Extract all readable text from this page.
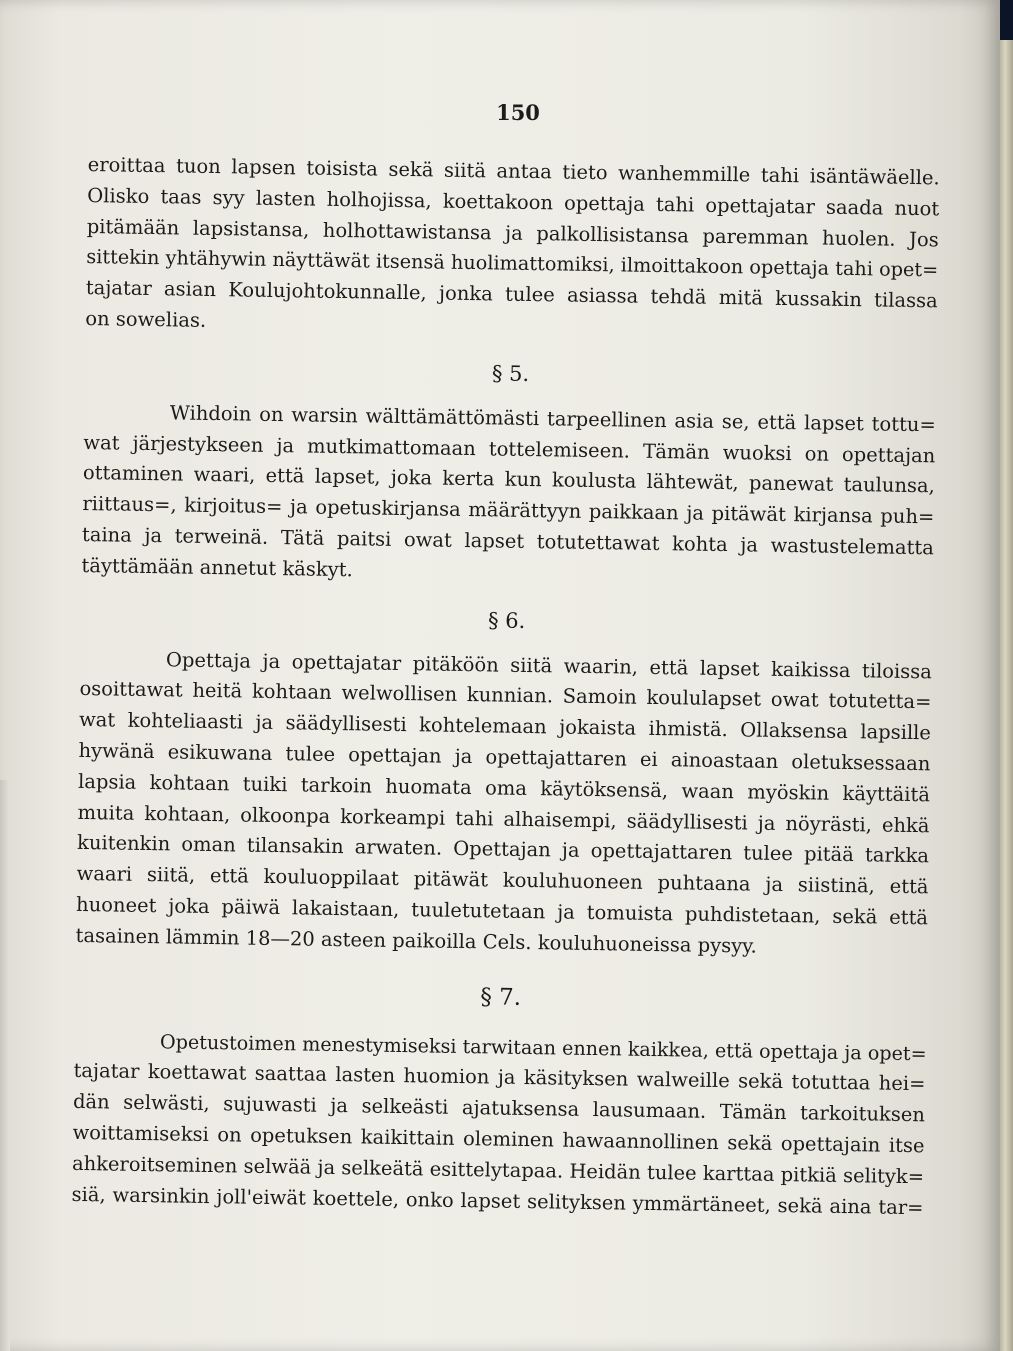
150
eroittaa tuon lapsen toisista sekä siitä antaa tieto wanhemmille tahi isäntäwäelle.
Olisko taas syy lasten holhojissa, koettakoon opettaja tahi opettajatar saada nuot
pitämään lapsistansa, holhottawistansa ja palkollisistansa paremman huolen. Jos
sittekin yhtähywin näyttäwät itsensä huolimattomiksi, ilmoittakoon opettaja tahi opet=
tajatar asian Koulujohtokunnalle, jonka tulee asiassa tehdä mitä kussakin tilassa
on sowelias.
§ 5.
Wihdoin on warsin wälttämättömästi tarpeellinen asia se, että lapset tottu=
wat järjestykseen ja mutkimattomaan tottelemiseen. Tämän wuoksi on opettajan
ottaminen waari, että lapset, joka kerta kun koulusta lähtewät, panewat taulunsa,
riittaus=, kirjoitus= ja opetuskirjansa määrättyyn paikkaan ja pitäwät kirjansa puh=
taina ja terweinä. Tätä paitsi owat lapset totutettawat kohta ja wastustelematta
täyttämään annetut käskyt.
§ 6.
Opettaja ja opettajatar pitäköön siitä waarin, että lapset kaikissa tiloissa
osoittawat heitä kohtaan welwollisen kunnian. Samoin koululapset owat totutetta=
wat kohteliaasti ja säädyllisesti kohtelemaan jokaista ihmistä. Ollaksensa lapsille
hywänä esikuwana tulee opettajan ja opettajattaren ei ainoastaan oletuksessaan
lapsia kohtaan tuiki tarkoin huomata oma käytöksensä, waan myöskin käyttäitä
muita kohtaan, olkoonpa korkeampi tahi alhaisempi, säädyllisesti ja nöyrästi, ehkä
kuitenkin oman tilansakin arwaten. Opettajan ja opettajattaren tulee pitää tarkka
waari siitä, että kouluoppilaat pitäwät kouluhuoneen puhtaana ja siistinä, että
huoneet joka päiwä lakaistaan, tuuletutetaan ja tomuista puhdistetaan, sekä että
tasainen lämmin 18—20 asteen paikoilla Cels. kouluhuoneissa pysyy.
§ 7.
Opetustoimen menestymiseksi tarwitaan ennen kaikkea, että opettaja ja opet=
tajatar koettawat saattaa lasten huomion ja käsityksen walweille sekä totuttaa hei=
dän selwästi, sujuwasti ja selkeästi ajatuksensa lausumaan. Tämän tarkoituksen
woittamiseksi on opetuksen kaikittain oleminen hawaannollinen sekä opettajain itse
ahkeroitseminen selwää ja selkeätä esittelytapaa. Heidän tulee karttaa pitkiä selityk=
siä, warsinkin joll'eiwät koettele, onko lapset selityksen ymmärtäneet, sekä aina tar=
